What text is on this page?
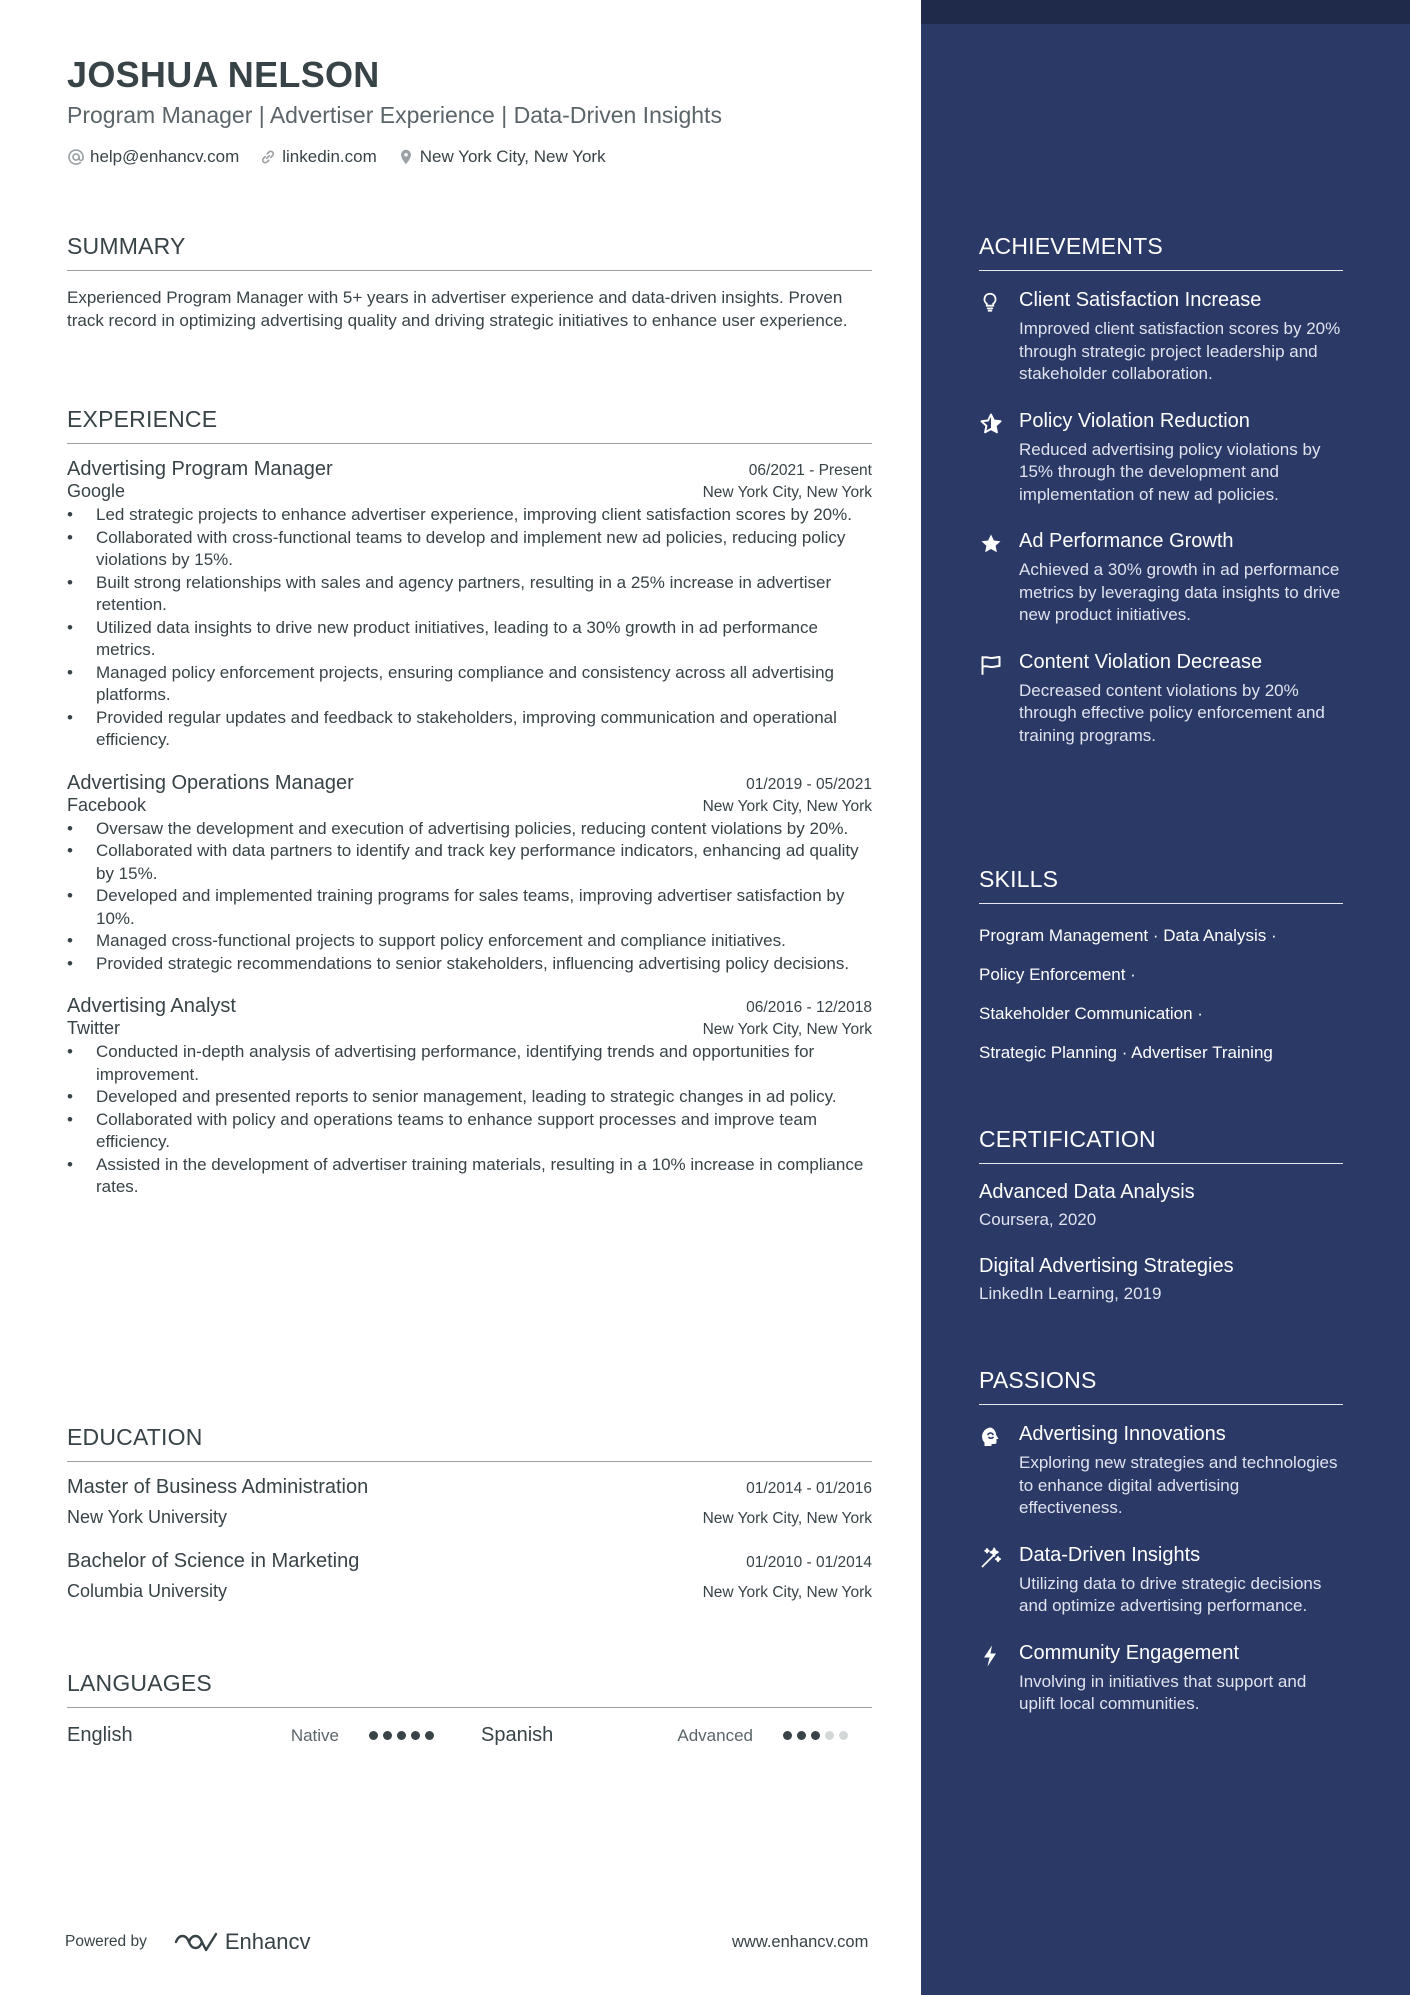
JOSHUA NELSON
Program Manager | Advertiser Experience | Data-Driven Insights
help@enhancv.com	linkedin.com	New York City, New York
SUMMARY
Experienced Program Manager with 5+ years in advertiser experience and data-driven insights. Proven track record in optimizing advertising quality and driving strategic initiatives to enhance user experience.
EXPERIENCE
Advertising Program Manager	06/2021 - Present
Google	New York City, New York
• Led strategic projects to enhance advertiser experience, improving client satisfaction scores by 20%.
• Collaborated with cross-functional teams to develop and implement new ad policies, reducing policy violations by 15%.
• Built strong relationships with sales and agency partners, resulting in a 25% increase in advertiser retention.
• Utilized data insights to drive new product initiatives, leading to a 30% growth in ad performance metrics.
• Managed policy enforcement projects, ensuring compliance and consistency across all advertising platforms.
• Provided regular updates and feedback to stakeholders, improving communication and operational efficiency.
Advertising Operations Manager	01/2019 - 05/2021
Facebook	New York City, New York
• Oversaw the development and execution of advertising policies, reducing content violations by 20%.
• Collaborated with data partners to identify and track key performance indicators, enhancing ad quality by 15%.
• Developed and implemented training programs for sales teams, improving advertiser satisfaction by 10%.
• Managed cross-functional projects to support policy enforcement and compliance initiatives.
• Provided strategic recommendations to senior stakeholders, influencing advertising policy decisions.
Advertising Analyst	06/2016 - 12/2018
Twitter	New York City, New York
• Conducted in-depth analysis of advertising performance, identifying trends and opportunities for improvement.
• Developed and presented reports to senior management, leading to strategic changes in ad policy.
• Collaborated with policy and operations teams to enhance support processes and improve team efficiency.
• Assisted in the development of advertiser training materials, resulting in a 10% increase in compliance rates.
EDUCATION
Master of Business Administration	01/2014 - 01/2016
New York University	New York City, New York
Bachelor of Science in Marketing	01/2010 - 01/2014
Columbia University	New York City, New York
LANGUAGES
English	Native	Spanish	Advanced
Powered by	Enhancv	www.enhancv.com
ACHIEVEMENTS
Client Satisfaction Increase
Improved client satisfaction scores by 20% through strategic project leadership and stakeholder collaboration.
Policy Violation Reduction
Reduced advertising policy violations by 15% through the development and implementation of new ad policies.
Ad Performance Growth
Achieved a 30% growth in ad performance metrics by leveraging data insights to drive new product initiatives.
Content Violation Decrease
Decreased content violations by 20% through effective policy enforcement and training programs.
SKILLS
Program Management · Data Analysis ·
Policy Enforcement ·
Stakeholder Communication ·
Strategic Planning · Advertiser Training
CERTIFICATION
Advanced Data Analysis
Coursera, 2020
Digital Advertising Strategies
LinkedIn Learning, 2019
PASSIONS
Advertising Innovations
Exploring new strategies and technologies to enhance digital advertising effectiveness.
Data-Driven Insights
Utilizing data to drive strategic decisions and optimize advertising performance.
Community Engagement
Involving in initiatives that support and uplift local communities.
